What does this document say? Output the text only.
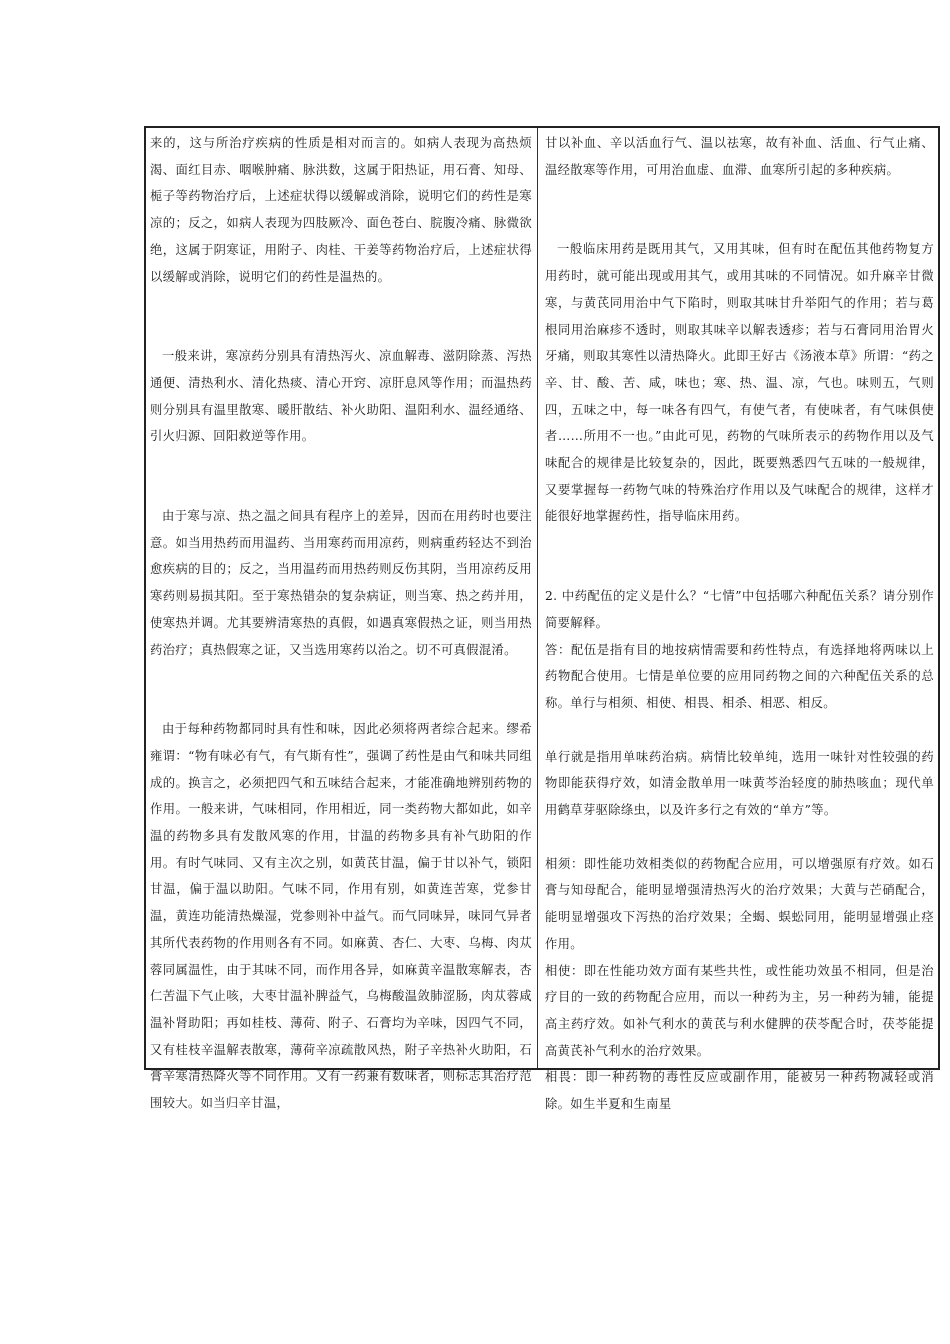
来的，这与所治疗疾病的性质是相对而言的。如病人表现为高热烦渴、面红目赤、咽喉肿痛、脉洪数，这属于阳热证，用石膏、知母、栀子等药物治疗后，上述症状得以缓解或消除，说明它们的药性是寒凉的；反之，如病人表现为四肢厥冷、面色苍白、脘腹冷痛、脉微欲绝，这属于阴寒证，用附子、肉桂、干姜等药物治疗后，上述症状得以缓解或消除，说明它们的药性是温热的。

一般来讲，寒凉药分别具有清热泻火、凉血解毒、滋阴除蒸、泻热通便、清热利水、清化热痰、清心开窍、凉肝息风等作用；而温热药则分别具有温里散寒、暖肝散结、补火助阳、温阳利水、温经通络、引火归源、回阳救逆等作用。

由于寒与凉、热之温之间具有程序上的差异，因而在用药时也要注意。如当用热药而用温药、当用寒药而用凉药，则病重药轻达不到治愈疾病的目的；反之，当用温药而用热药则反伤其阴，当用凉药反用寒药则易损其阳。至于寒热错杂的复杂病证，则当寒、热之药并用，使寒热并调。尤其要辨清寒热的真假，如遇真寒假热之证，则当用热药治疗；真热假寒之证，又当选用寒药以治之。切不可真假混淆。

由于每种药物都同时具有性和味，因此必须将两者综合起来。缪希雍谓：“物有味必有气，有气斯有性”，强调了药性是由气和味共同组成的。换言之，必须把四气和五味结合起来，才能准确地辨别药物的作用。一般来讲，气味相同，作用相近，同一类药物大都如此，如辛温的药物多具有发散风寒的作用，甘温的药物多具有补气助阳的作用。有时气味同、又有主次之别，如黄芪甘温，偏于甘以补气，锁阳甘温，偏于温以助阳。气味不同，作用有别，如黄连苦寒，党参甘温，黄连功能清热燥湿，党参则补中益气。而气同味异，味同气异者其所代表药物的作用则各有不同。如麻黄、杏仁、大枣、乌梅、肉苁蓉同属温性，由于其味不同，而作用各异，如麻黄辛温散寒解表，杏仁苦温下气止咳，大枣甘温补脾益气，乌梅酸温敛肺涩肠，肉苁蓉咸温补肾助阳；再如桂枝、薄荷、附子、石膏均为辛味，因四气不同，又有桂枝辛温解表散寒，薄荷辛凉疏散风热，附子辛热补火助阳，石膏辛寒清热降火等不同作用。又有一药兼有数味者，则标志其治疗范围较大。如当归辛甘温，

甘以补血、辛以活血行气、温以祛寒，故有补血、活血、行气止痛、温经散寒等作用，可用治血虚、血滞、血寒所引起的多种疾病。

一般临床用药是既用其气，又用其味，但有时在配伍其他药物复方用药时，就可能出现或用其气，或用其味的不同情况。如升麻辛甘微寒，与黄芪同用治中气下陷时，则取其味甘升举阳气的作用；若与葛根同用治麻疹不透时，则取其味辛以解表透疹；若与石膏同用治胃火牙痛，则取其寒性以清热降火。此即王好古《汤液本草》所谓：“药之辛、甘、酸、苦、咸，味也；寒、热、温、凉，气也。味则五，气则四，五味之中，每一味各有四气，有使气者，有使味者，有气味俱使者……所用不一也。”由此可见，药物的气味所表示的药物作用以及气味配合的规律是比较复杂的，因此，既要熟悉四气五味的一般规律，又要掌握每一药物气味的特殊治疗作用以及气味配合的规律，这样才能很好地掌握药性，指导临床用药。

2. 中药配伍的定义是什么？“七情”中包括哪六种配伍关系？请分别作简要解释。

答：配伍是指有目的地按病情需要和药性特点，有选择地将两味以上药物配合使用。七情是单位要的应用同药物之间的六种配伍关系的总称。单行与相须、相使、相畏、相杀、相恶、相反。

单行就是指用单味药治病。病情比较单纯，选用一味针对性较强的药物即能获得疗效，如清金散单用一味黄芩治轻度的肺热咳血；现代单用鹤草芽驱除绦虫，以及许多行之有效的“单方”等。

相须：即性能功效相类似的药物配合应用，可以增强原有疗效。如石膏与知母配合，能明显增强清热泻火的治疗效果；大黄与芒硝配合，能明显增强攻下泻热的治疗效果；全蝎、蜈蚣同用，能明显增强止痉作用。

相使：即在性能功效方面有某些共性，或性能功效虽不相同，但是治疗目的一致的药物配合应用，而以一种药为主，另一种药为辅，能提高主药疗效。如补气利水的黄芪与利水健脾的茯苓配合时，茯苓能提高黄芪补气利水的治疗效果。

相畏：即一种药物的毒性反应或副作用，能被另一种药物减轻或消除。如生半夏和生南星
